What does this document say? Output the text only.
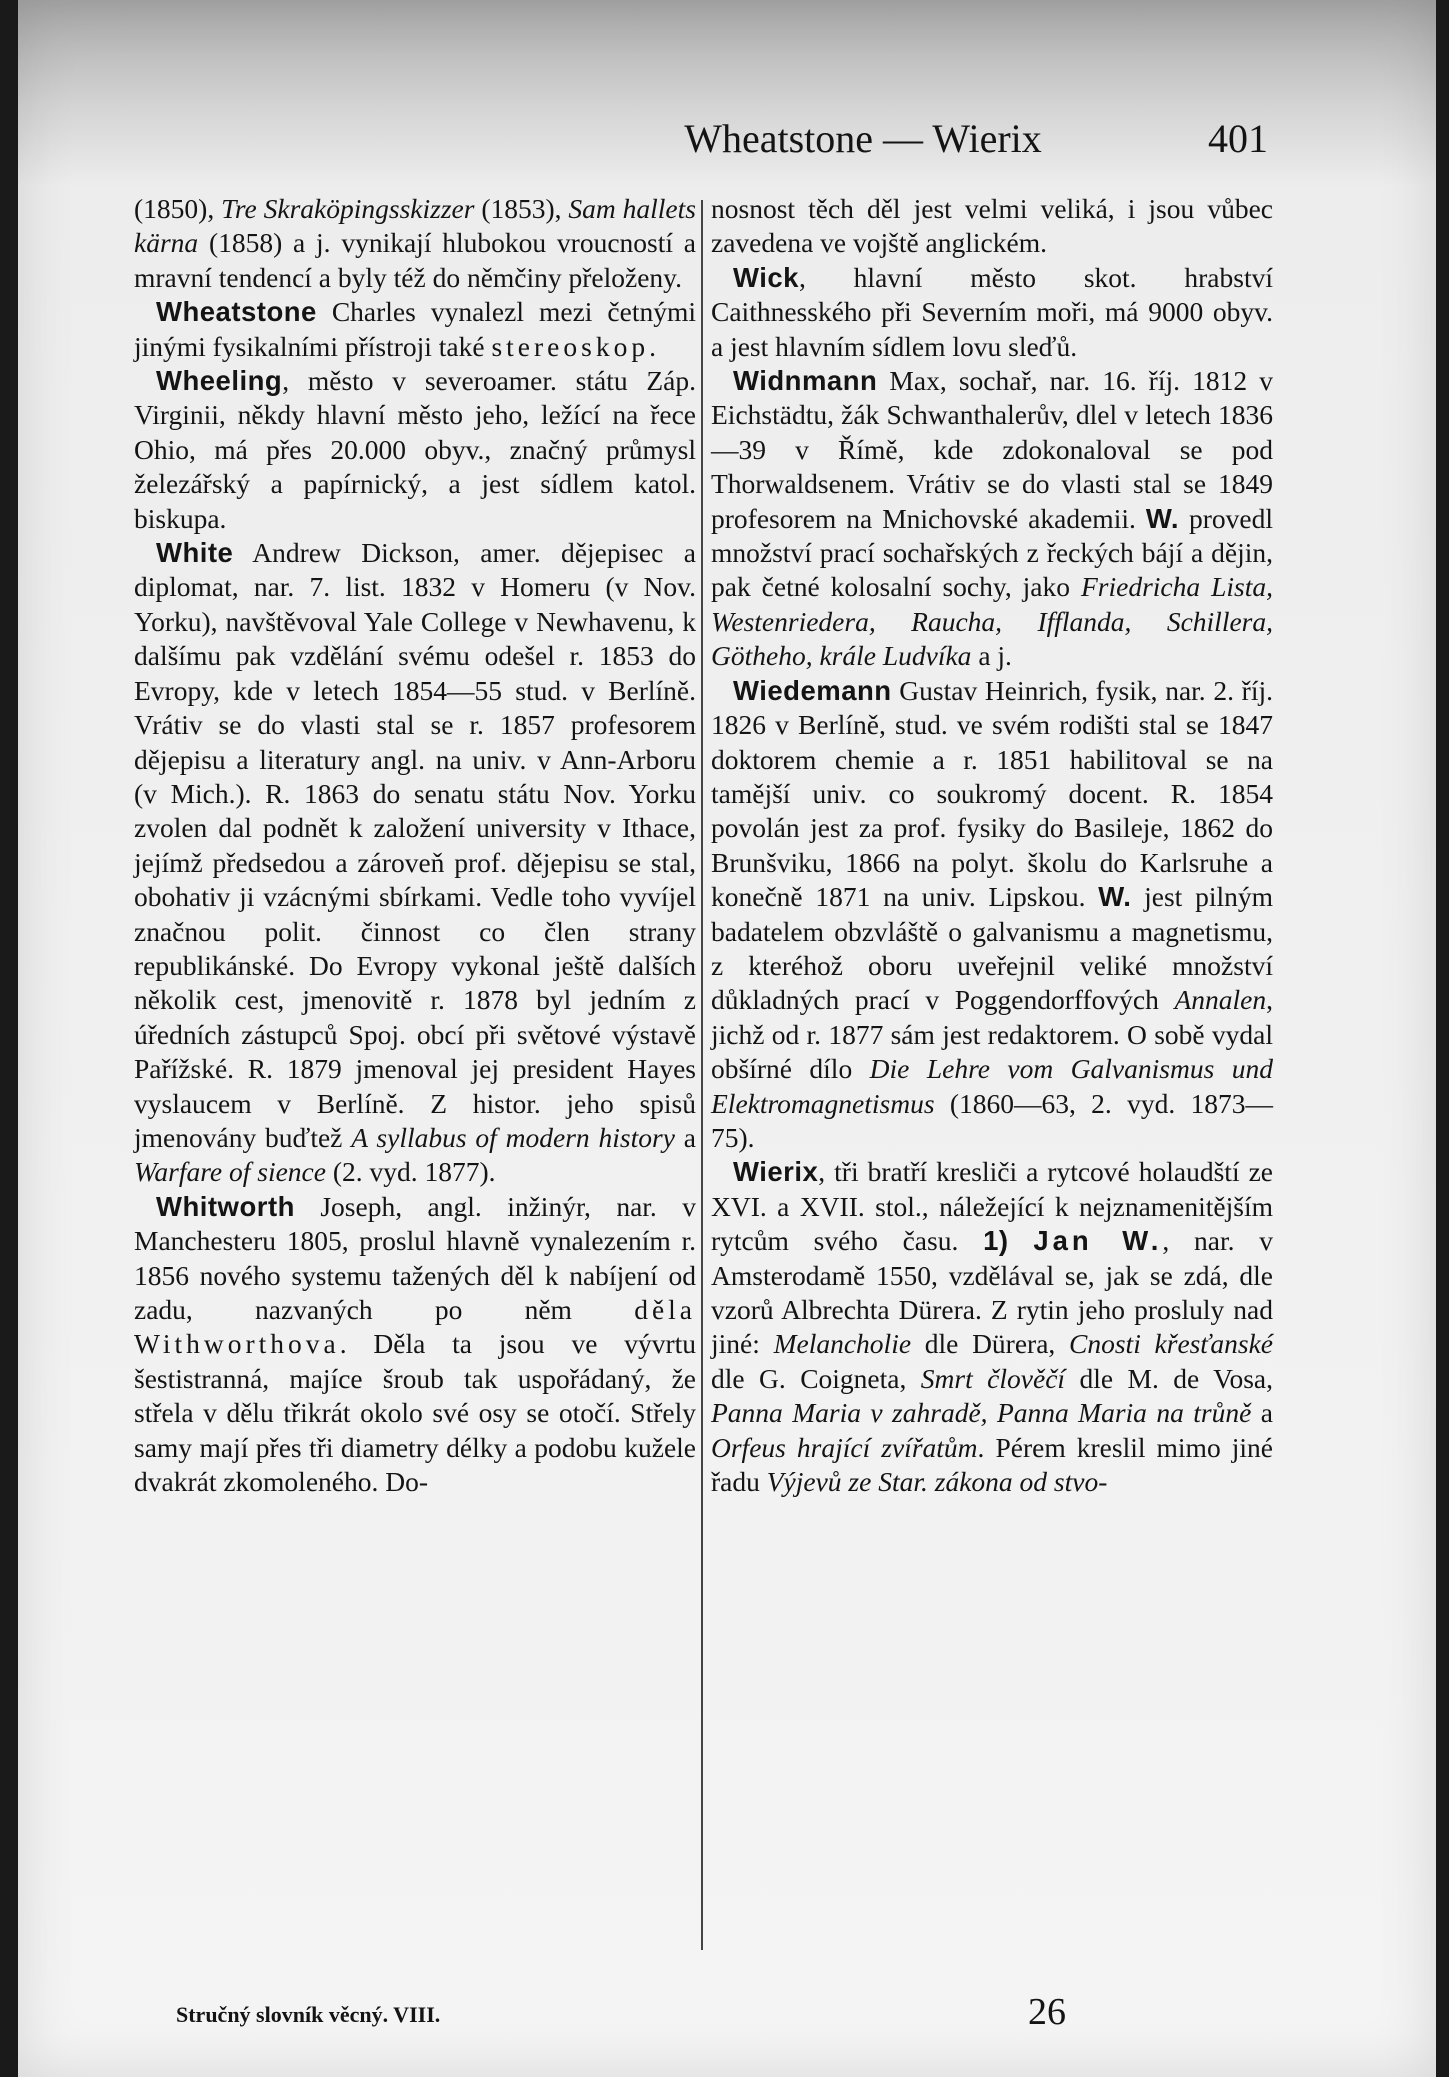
Wheatstone — Wierix	401

(1850), Tre Skraköpingsskizzer (1853), Sam hallets kärna (1858) a j. vynikají hlubokou vroucností a mravní tendencí a byly též do němčiny přeloženy.

Wheatstone Charles vynalezl mezi četnými jinými fysikalními přístroji také stereoskop.

Wheeling, město v severoamer. státu Záp. Virginii, někdy hlavní město jeho, ležící na řece Ohio, má přes 20.000 obyv., značný průmysl železářský a papírnický, a jest sídlem katol. biskupa.

White Andrew Dickson, amer. dějepisec a diplomat, nar. 7. list. 1832 v Homeru (v Nov. Yorku), navštěvoval Yale College v Newhavenu, k dalšímu pak vzdělání svému odešel r. 1853 do Evropy, kde v letech 1854—55 stud. v Berlíně. Vrátiv se do vlasti stal se r. 1857 profesorem dějepisu a literatury angl. na univ. v Ann-Arboru (v Mich.). R. 1863 do senatu státu Nov. Yorku zvolen dal podnět k založení university v Ithace, jejímž předsedou a zároveň prof. dějepisu se stal, obohativ ji vzácnými sbírkami. Vedle toho vyvíjel značnou polit. činnost co člen strany republikánské. Do Evropy vykonal ještě dalších několik cest, jmenovitě r. 1878 byl jedním z úředních zástupců Spoj. obcí při světové výstavě Pařížské. R. 1879 jmenoval jej president Hayes vyslaucem v Berlíně. Z histor. jeho spisů jmenovány buďtež A syllabus of modern history a Warfare of sience (2. vyd. 1877).

Whitworth Joseph, angl. inžinýr, nar. v Manchesteru 1805, proslul hlavně vynalezením r. 1856 nového systemu tažených děl k nabíjení od zadu, nazvaných po něm děla Withworthova. Děla ta jsou ve vývrtu šestistranná, majíce šroub tak uspořádaný, že střela v dělu třikrát okolo své osy se otočí. Střely samy mají přes tři diametry délky a podobu kužele dvakrát zkomoleného. Do-

nosnost těch děl jest velmi veliká, i jsou vůbec zavedena ve vojště anglickém.

Wick, hlavní město skot. hrabství Caithnesského při Severním moři, má 9000 obyv. a jest hlavním sídlem lovu sleďů.

Widnmann Max, sochař, nar. 16. říj. 1812 v Eichstädtu, žák Schwanthalerův, dlel v letech 1836—39 v Římě, kde zdokonaloval se pod Thorwaldsenem. Vrátiv se do vlasti stal se 1849 profesorem na Mnichovské akademii. W. provedl množství prací sochařských z řeckých bájí a dějin, pak četné kolosalní sochy, jako Friedricha Lista, Westenriedera, Raucha, Ifflanda, Schillera, Götheho, krále Ludvíka a j.

Wiedemann Gustav Heinrich, fysik, nar. 2. říj. 1826 v Berlíně, stud. ve svém rodišti stal se 1847 doktorem chemie a r. 1851 habilitoval se na tamější univ. co soukromý docent. R. 1854 povolán jest za prof. fysiky do Basileje, 1862 do Brunšviku, 1866 na polyt. školu do Karlsruhe a konečně 1871 na univ. Lipskou. W. jest pilným badatelem obzvláště o galvanismu a magnetismu, z kteréhož oboru uveřejnil veliké množství důkladných prací v Poggendorffových Annalen, jichž od r. 1877 sám jest redaktorem. O sobě vydal obšírné dílo Die Lehre vom Galvanismus und Elektromagnetismus (1860—63, 2. vyd. 1873—75).

Wierix, tři bratří kresliči a rytcové holaudští ze XVI. a XVII. stol., náležející k nejznamenitějším rytcům svého času. 1) Jan W., nar. v Amsterodamě 1550, vzdělával se, jak se zdá, dle vzorů Albrechta Dürera. Z rytin jeho prosluly nad jiné: Melancholie dle Dürera, Cnosti křesťanské dle G. Coigneta, Smrt člověčí dle M. de Vosa, Panna Maria v zahradě, Panna Maria na trůně a Orfeus hrající zvířatům. Pérem kreslil mimo jiné řadu Výjevů ze Star. zákona od stvo-

Stručný slovník věcný. VIII.	26
